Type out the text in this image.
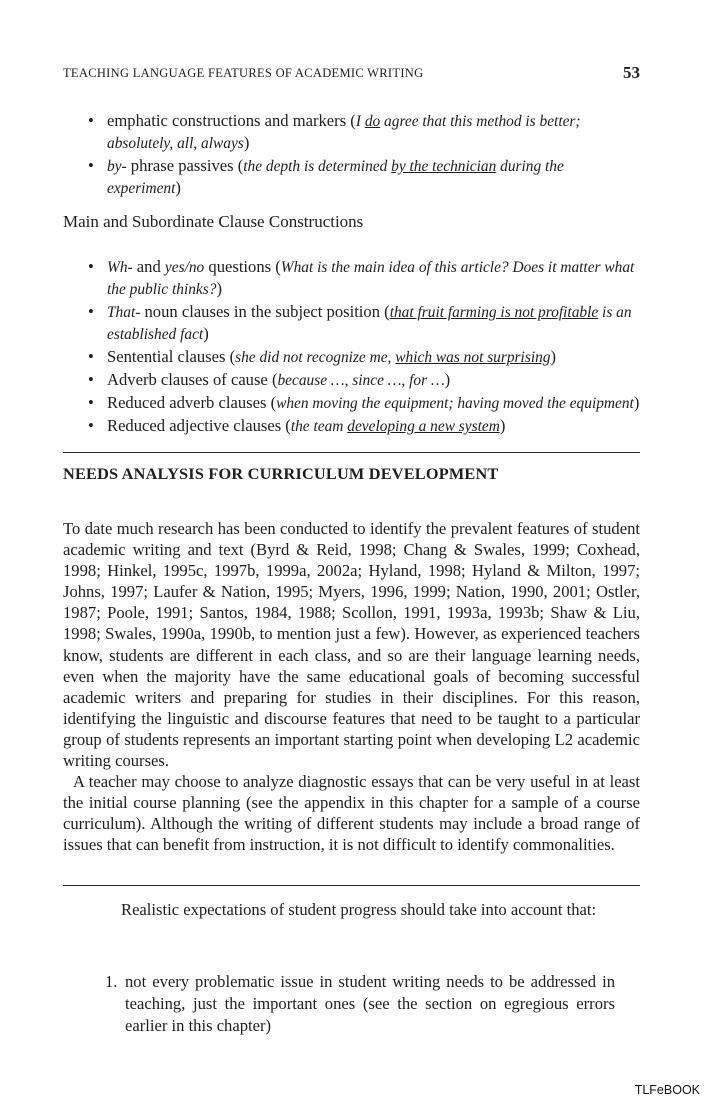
TEACHING LANGUAGE FEATURES OF ACADEMIC WRITING	53
• emphatic constructions and markers (I do agree that this method is better; absolutely, all, always)
• by- phrase passives (the depth is determined by the technician during the experiment)
Main and Subordinate Clause Constructions
• Wh- and yes/no questions (What is the main idea of this article? Does it matter what the public thinks?)
• That- noun clauses in the subject position (that fruit farming is not profitable is an established fact)
• Sentential clauses (she did not recognize me, which was not surprising)
• Adverb clauses of cause (because …, since …, for …)
• Reduced adverb clauses (when moving the equipment; having moved the equipment)
• Reduced adjective clauses (the team developing a new system)
NEEDS ANALYSIS FOR CURRICULUM DEVELOPMENT

To date much research has been conducted to identify the prevalent features of student academic writing and text (Byrd & Reid, 1998; Chang & Swales, 1999; Coxhead, 1998; Hinkel, 1995c, 1997b, 1999a, 2002a; Hyland, 1998; Hyland & Milton, 1997; Johns, 1997; Laufer & Nation, 1995; Myers, 1996, 1999; Nation, 1990, 2001; Ostler, 1987; Poole, 1991; Santos, 1984, 1988; Scollon, 1991, 1993a, 1993b; Shaw & Liu, 1998; Swales, 1990a, 1990b, to mention just a few). However, as experienced teachers know, students are different in each class, and so are their language learning needs, even when the majority have the same educational goals of becoming successful academic writers and preparing for studies in their disciplines. For this reason, identifying the linguistic and discourse features that need to be taught to a particular group of students represents an important starting point when developing L2 academic writing courses.

A teacher may choose to analyze diagnostic essays that can be very useful in at least the initial course planning (see the appendix in this chapter for a sample of a course curriculum). Although the writing of different students may include a broad range of issues that can benefit from instruction, it is not difficult to identify commonalities.

Realistic expectations of student progress should take into account that:

1. not every problematic issue in student writing needs to be addressed in teaching, just the important ones (see the section on egregious errors earlier in this chapter)
TLFeBOOK
